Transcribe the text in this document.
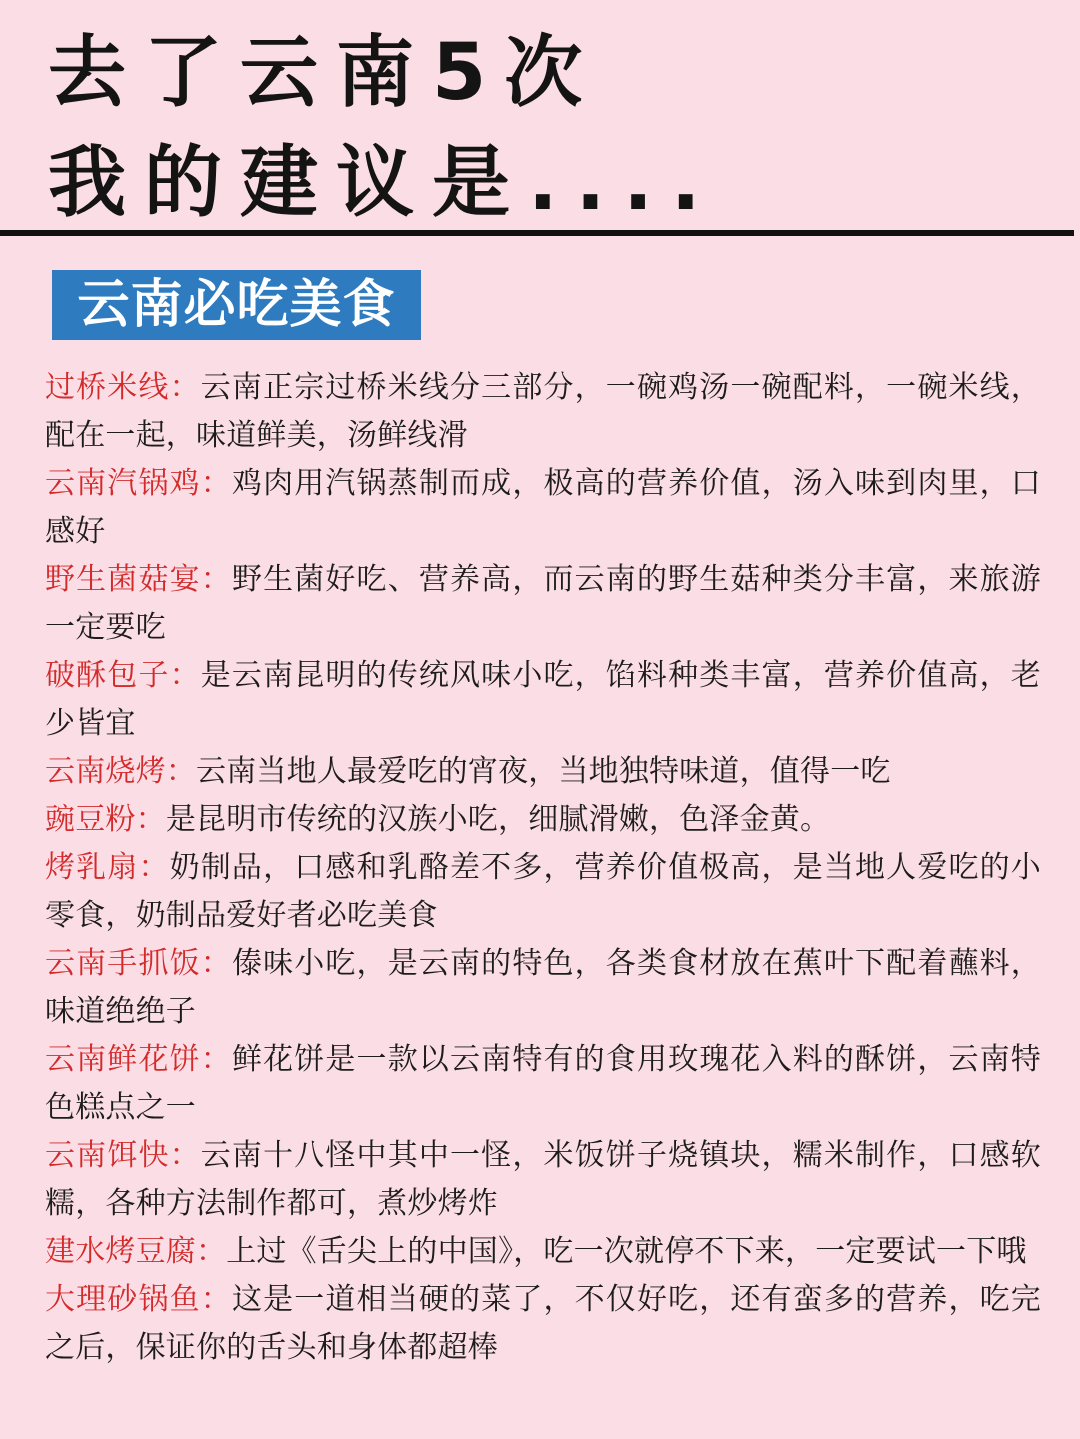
去了云南5次
我的建议是....
云南必吃美食
过桥米线：云南正宗过桥米线分三部分，一碗鸡汤一碗配料，一碗米线，配在一起，味道鲜美，汤鲜线滑
云南汽锅鸡：鸡肉用汽锅蒸制而成，极高的营养价值，汤入味到肉里，口感好
野生菌菇宴：野生菌好吃、营养高，而云南的野生菇种类分丰富，来旅游一定要吃
破酥包子：是云南昆明的传统风味小吃，馅料种类丰富，营养价值高，老少皆宜
云南烧烤：云南当地人最爱吃的宵夜，当地独特味道，值得一吃
豌豆粉：是昆明市传统的汉族小吃，细腻滑嫩，色泽金黄。
烤乳扇：奶制品，口感和乳酪差不多，营养价值极高，是当地人爱吃的小零食，奶制品爱好者必吃美食
云南手抓饭：傣味小吃，是云南的特色，各类食材放在蕉叶下配着蘸料，味道绝绝子
云南鲜花饼：鲜花饼是一款以云南特有的食用玫瑰花入料的酥饼，云南特色糕点之一
云南饵快：云南十八怪中其中一怪，米饭饼子烧镇块，糯米制作，口感软糯，各种方法制作都可，煮炒烤炸
建水烤豆腐：上过《舌尖上的中国》，吃一次就停不下来，一定要试一下哦
大理砂锅鱼：这是一道相当硬的菜了，不仅好吃，还有蛮多的营养，吃完之后，保证你的舌头和身体都超棒
